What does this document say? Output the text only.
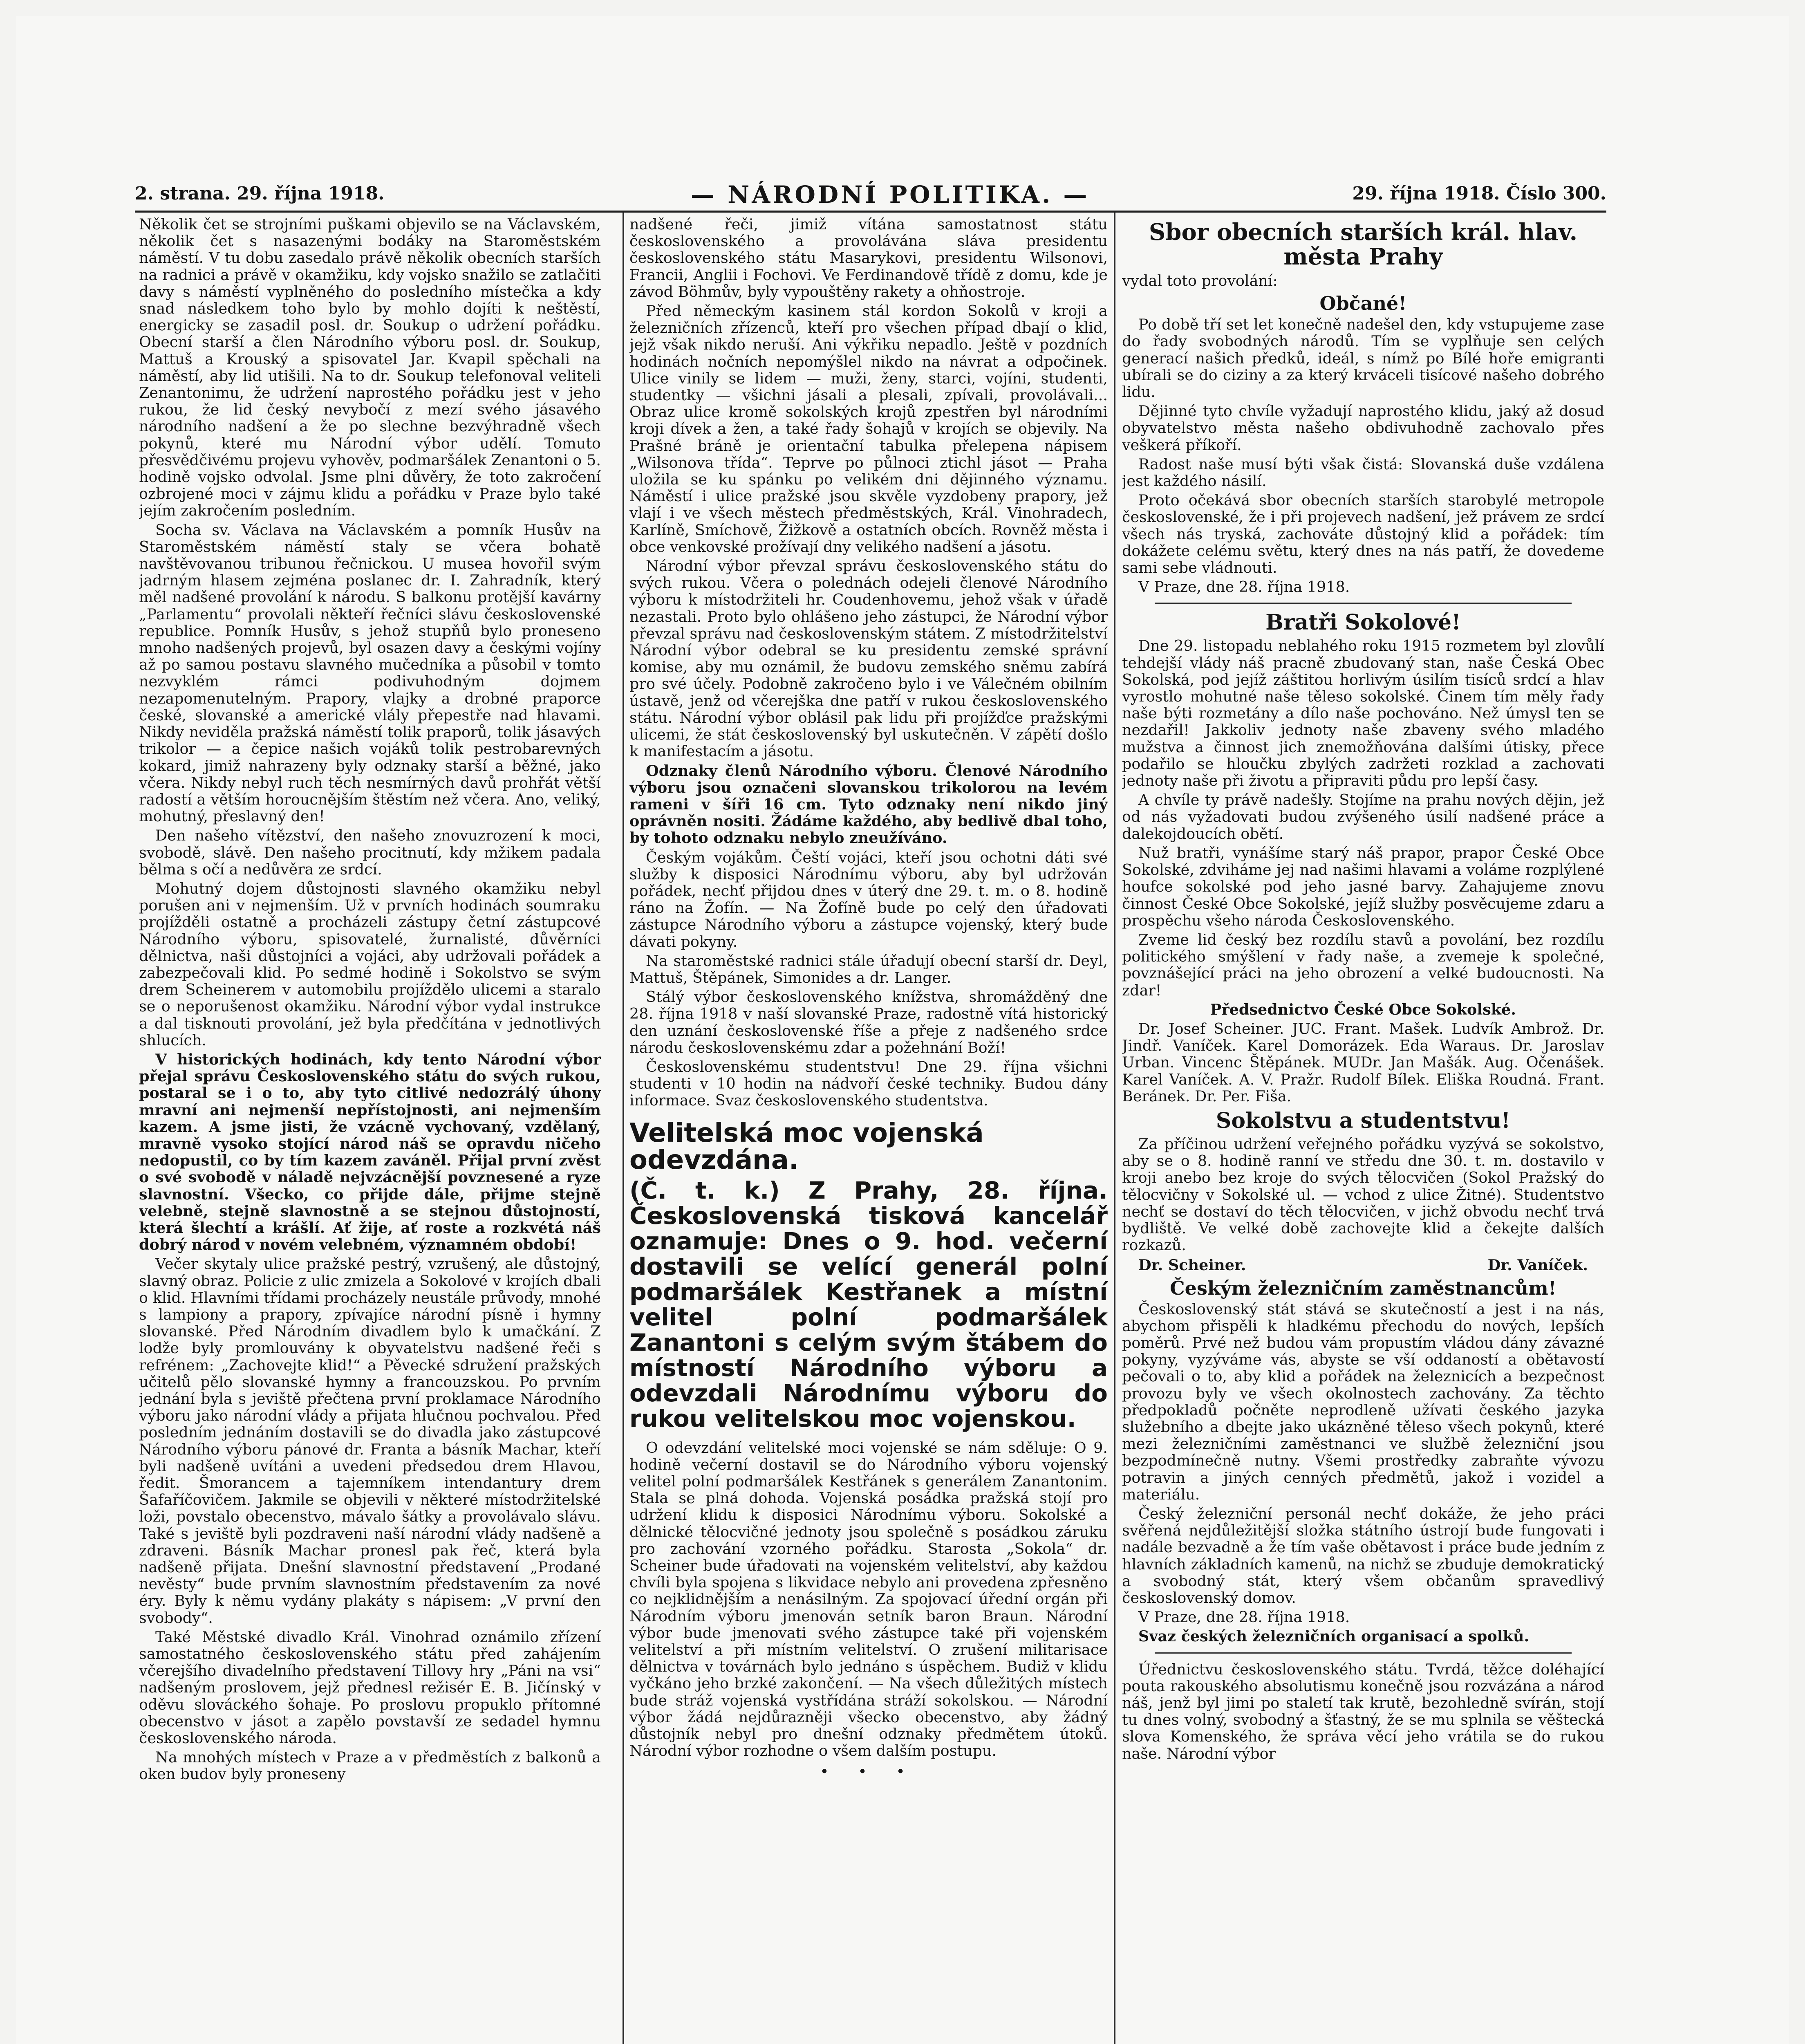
2. strana. 29. října 1918.	— NÁRODNÍ POLITIKA. —	29. října 1918. Číslo 300.

Několik čet se strojními puškami objevilo se na Václavském, několik čet s nasazenými bodáky na Staroměstském náměstí. V tu dobu zasedalo právě několik obecních starších na radnici a právě v okamžiku, kdy vojsko snažilo se zatlačiti davy s náměstí vyplněného do posledního místečka a kdy snad následkem toho bylo by mohlo dojíti k neštěstí, energicky se zasadil posl. dr. Soukup o udržení pořádku. Obecní starší a člen Národního výboru posl. dr. Soukup, Mattuš a Krouský a spisovatel Jar. Kvapil spěchali na náměstí, aby lid utišili. Na to dr. Soukup telefonoval veliteli Zenantonimu, že udržení naprostého pořádku jest v jeho rukou, že lid český nevybočí z mezí svého jásavého národního nadšení a že po slechne bezvýhradně všech pokynů, které mu Národní výbor udělí. Tomuto přesvědčivému projevu vyhověv, podmaršálek Zenantoni o 5. hodině vojsko odvolal. Jsme plni důvěry, že toto zakročení ozbrojené moci v zájmu klidu a pořádku v Praze bylo také jejím zakročením posledním.

Socha sv. Václava na Václavském a pomník Husův na Staroměstském náměstí staly se včera bohatě navštěvovanou tribunou řečnickou. U musea hovořil svým jadrným hlasem zejména poslanec dr. I. Zahradník, který měl nadšené provolání k národu. S balkonu protější kavárny „Parlamentu“ provolali někteří řečníci slávu československé republice. Pomník Husův, s jehož stupňů bylo proneseno mnoho nadšených projevů, byl osazen davy a českými vojíny až po samou postavu slavného mučedníka a působil v tomto nezvyklém rámci podivuhodným dojmem nezapomenutelným. Prapory, vlajky a drobné praporce české, slovanské a americké vlály přepestře nad hlavami. Nikdy neviděla pražská náměstí tolik praporů, tolik jásavých trikolor — a čepice našich vojáků tolik pestrobarevných kokard, jimiž nahrazeny byly odznaky starší a běžné, jako včera. Nikdy nebyl ruch těch nesmírných davů prohřát větší radostí a větším horoucnějším štěstím než včera. Ano, veliký, mohutný, přeslavný den!

Den našeho vítězství, den našeho znovuzrození k moci, svobodě, slávě. Den našeho procitnutí, kdy mžikem padala bělma s očí a nedůvěra ze srdcí.

Mohutný dojem důstojnosti slavného okamžiku nebyl porušen ani v nejmenším. Už v prvních hodinách soumraku projížděli ostatně a procházeli zástupy četní zástupcové Národního výboru, spisovatelé, žurnalisté, důvěrníci dělnictva, naši důstojníci a vojáci, aby udržovali pořádek a zabezpečovali klid. Po sedmé hodině i Sokolstvo se svým drem Scheinerem v automobilu projíždělo ulicemi a staralo se o neporušenost okamžiku. Národní výbor vydal instrukce a dal tisknouti provolání, jež byla předčítána v jednotlivých shlucích.

V historických hodinách, kdy tento Národní výbor přejal správu Československého státu do svých rukou, postaral se i o to, aby tyto citlivé nedozrálý úhony mravní ani nejmenší nepřístojnosti, ani nejmenším kazem. A jsme jisti, že vzácně vychovaný, vzdělaný, mravně vysoko stojící národ náš se opravdu ničeho nedopustil, co by tím kazem zaváněl. Přijal první zvěst o své svobodě v náladě nejvzácnější povznesené a ryze slavnostní. Všecko, co přijde dále, přijme stejně velebně, stejně slavnostně a se stejnou důstojností, která šlechtí a krášlí. Ať žije, ať roste a rozkvétá náš dobrý národ v novém velebném, významném období!

Večer skytaly ulice pražské pestrý, vzrušený, ale důstojný, slavný obraz. Policie z ulic zmizela a Sokolové v krojích dbali o klid. Hlavními třídami procházely neustále průvody, mnohé s lampiony a prapory, zpívajíce národní písně i hymny slovanské. Před Národním divadlem bylo k umačkání. Z lodže byly promlouvány k obyvatelstvu nadšené řeči s refrénem: „Zachovejte klid!“ a Pěvecké sdružení pražských učitelů pělo slovanské hymny a francouzskou. Po prvním jednání byla s jeviště přečtena první proklamace Národního výboru jako národní vlády a přijata hlučnou pochvalou. Před posledním jednáním dostavili se do divadla jako zástupcové Národního výboru pánové dr. Franta a básník Machar, kteří byli nadšeně uvítáni a uvedeni předsedou drem Hlavou, ředit. Šmorancem a tajemníkem intendantury drem Šafaříčovičem. Jakmile se objevili v některé místodržitelské loži, povstalo obecenstvo, mávalo šátky a provolávalo slávu. Také s jeviště byli pozdraveni naší národní vlády nadšeně a zdraveni. Básník Machar pronesl pak řeč, která byla nadšeně přijata. Dnešní slavnostní představení „Prodané nevěsty“ bude prvním slavnostním představením za nové éry. Byly k němu vydány plakáty s nápisem: „V první den svobody“.

Také Městské divadlo Král. Vinohrad oznámilo zřízení samostatného československého státu před zahájením včerejšího divadelního představení Tillovy hry „Páni na vsi“ nadšeným proslovem, jejž přednesl režisér E. B. Jičínský v oděvu slováckého šohaje. Po proslovu propuklo přítomné obecenstvo v jásot a zapělo povstavší ze sedadel hymnu československého národa.

Na mnohých místech v Praze a v předměstích z balkonů a oken budov byly proneseny

nadšené řeči, jimiž vítána samostatnost státu československého a provolávána sláva presidentu československého státu Masarykovi, presidentu Wilsonovi, Francii, Anglii i Fochovi. Ve Ferdinandově třídě z domu, kde je závod Böhmův, byly vypouštěny rakety a ohňostroje.

Před německým kasinem stál kordon Sokolů v kroji a železničních zřízenců, kteří pro všechen případ dbají o klid, jejž však nikdo neruší. Ani výkřiku nepadlo. Ještě v pozdních hodinách nočních nepomýšlel nikdo na návrat a odpočinek. Ulice vinily se lidem — muži, ženy, starci, vojíni, studenti, studentky — všichni jásali a plesali, zpívali, provolávali... Obraz ulice kromě sokolských krojů zpestřen byl národními kroji dívek a žen, a také řady šohajů v krojích se objevily. Na Prašné bráně je orientační tabulka přelepena nápisem „Wilsonova třída“. Teprve po půlnoci ztichl jásot — Praha uložila se ku spánku po velikém dni dějinného významu. Náměstí i ulice pražské jsou skvěle vyzdobeny prapory, jež vlají i ve všech městech předměstských, Král. Vinohradech, Karlíně, Smíchově, Žižkově a ostatních obcích. Rovněž města i obce venkovské prožívají dny velikého nadšení a jásotu.

Národní výbor převzal správu československého státu do svých rukou. Včera o polednách odejeli členové Národního výboru k místodržiteli hr. Coudenhovemu, jehož však v úřadě nezastali. Proto bylo ohlášeno jeho zástupci, že Národní výbor převzal správu nad československým státem. Z místodržitelství Národní výbor odebral se ku presidentu zemské správní komise, aby mu oznámil, že budovu zemského sněmu zabírá pro své účely. Podobně zakročeno bylo i ve Válečném obilním ústavě, jenž od včerejška dne patří v rukou československého státu. Národní výbor oblásil pak lidu při projížďce pražskými ulicemi, že stát československý byl uskutečněn. V zápětí došlo k manifestacím a jásotu.

Odznaky členů Národního výboru. Členové Národního výboru jsou označeni slovanskou trikolorou na levém rameni v šíři 16 cm. Tyto odznaky není nikdo jiný oprávněn nositi. Žádáme každého, aby bedlivě dbal toho, by tohoto odznaku nebylo zneužíváno.

Českým vojákům. Čeští vojáci, kteří jsou ochotni dáti své služby k disposici Národnímu výboru, aby byl udržován pořádek, nechť přijdou dnes v úterý dne 29. t. m. o 8. hodině ráno na Žofín. — Na Žofíně bude po celý den úřadovati zástupce Národního výboru a zástupce vojenský, který bude dávati pokyny.

Na staroměstské radnici stále úřadují obecní starší dr. Deyl, Mattuš, Štěpánek, Simonides a dr. Langer.

Stálý výbor československého knížstva, shromážděný dne 28. října 1918 v naší slovanské Praze, radostně vítá historický den uznání československé říše a přeje z nadšeného srdce národu československému zdar a požehnání Boží!

Československému studentstvu! Dne 29. října všichni studenti v 10 hodin na nádvoří české techniky. Budou dány informace. Svaz československého studentstva.

Velitelská moc vojenská odevzdána.
(Č. t. k.) Z Prahy, 28. října. Československá tisková kancelář oznamuje: Dnes o 9. hod. večerní dostavili se velící generál polní podmaršálek Kestřanek a místní velitel polní podmaršálek Zanantoni s celým svým štábem do místností Národního výboru a odevzdali Národnímu výboru do rukou velitelskou moc vojenskou.

O odevzdání velitelské moci vojenské se nám sděluje: O 9. hodině večerní dostavil se do Národního výboru vojenský velitel polní podmaršálek Kestřánek s generálem Zanantonim. Stala se plná dohoda. Vojenská posádka pražská stojí pro udržení klidu k disposici Národnímu výboru. Sokolské a dělnické tělocvičné jednoty jsou společně s posádkou záruku pro zachování vzorného pořádku. Starosta „Sokola“ dr. Scheiner bude úřadovati na vojenském velitelství, aby každou chvíli byla spojena s likvidace nebylo ani provedena zpřesněno co nejklidnějším a nenásilným. Za spojovací úřední orgán při Národním výboru jmenován setník baron Braun. Národní výbor bude jmenovati svého zástupce také při vojenském velitelství a při místním velitelství. O zrušení militarisace dělnictva v továrnách bylo jednáno s úspěchem. Budiž v klidu vyčkáno jeho brzké zakončení. — Na všech důležitých místech bude stráž vojenská vystřídána stráží sokolskou. — Národní výbor žádá nejdůrazněji všecko obecenstvo, aby žádný důstojník nebyl pro dnešní odznaky předmětem útoků. Národní výbor rozhodne o všem dalším postupu.

• • •
Sbor obecních starších král. hlav. města Prahy

vydal toto provolání:

Občané!

Po době tří set let konečně nadešel den, kdy vstupujeme zase do řady svobodných národů. Tím se vyplňuje sen celých generací našich předků, ideál, s nímž po Bílé hoře emigranti ubírali se do ciziny a za který krváceli tisícové našeho dobrého lidu.

Dějinné tyto chvíle vyžadují naprostého klidu, jaký až dosud obyvatelstvo města našeho obdivuhodně zachovalo přes veškerá příkoří.

Radost naše musí býti však čistá: Slovanská duše vzdálena jest každého násilí.

Proto očekává sbor obecních starších starobylé metropole československé, že i při projevech nadšení, jež právem ze srdcí všech nás tryská, zachováte důstojný klid a pořádek: tím dokážete celému světu, který dnes na nás patří, že dovedeme sami sebe vládnouti.

V Praze, dne 28. října 1918.

Bratři Sokolové!

Dne 29. listopadu neblahého roku 1915 rozmetem byl zlovůlí tehdejší vlády náš pracně zbudovaný stan, naše Česká Obec Sokolská, pod jejíž záštitou horlivým úsilím tisíců srdcí a hlav vyrostlo mohutné naše těleso sokolské. Činem tím měly řady naše býti rozmetány a dílo naše pochováno. Než úmysl ten se nezdařil! Jakkoliv jednoty naše zbaveny svého mladého mužstva a činnost jich znemožňována dalšími útisky, přece podařilo se hloučku zbylých zadržeti rozklad a zachovati jednoty naše při životu a připraviti půdu pro lepší časy.

A chvíle ty právě nadešly. Stojíme na prahu nových dějin, jež od nás vyžadovati budou zvýšeného úsilí nadšené práce a dalekojdoucích obětí.

Nuž bratři, vynášíme starý náš prapor, prapor České Obce Sokolské, zdviháme jej nad našimi hlavami a voláme rozplýlené houfce sokolské pod jeho jasné barvy. Zahajujeme znovu činnost České Obce Sokolské, jejíž služby posvěcujeme zdaru a prospěchu všeho národa Československého.

Zveme lid český bez rozdílu stavů a povolání, bez rozdílu politického smýšlení v řady naše, a zvemeje k společné, povznášející práci na jeho obrození a velké budoucnosti. Na zdar!

Předsednictvo České Obce Sokolské.

Dr. Josef Scheiner. JUC. Frant. Mašek. Ludvík Ambrož. Dr. Jindř. Vaníček. Karel Domorázek. Eda Waraus. Dr. Jaroslav Urban. Vincenc Štěpánek. MUDr. Jan Mašák. Aug. Očenášek. Karel Vaníček. A. V. Pražr. Rudolf Bílek. Eliška Roudná. Frant. Beránek. Dr. Per. Fiša.

Sokolstvu a studentstvu!

Za příčinou udržení veřejného pořádku vyzývá se sokolstvo, aby se o 8. hodině ranní ve středu dne 30. t. m. dostavilo v kroji anebo bez kroje do svých tělocvičen (Sokol Pražský do tělocvičny v Sokolské ul. — vchod z ulice Žitné). Studentstvo nechť se dostaví do těch tělocvičen, v jichž obvodu nechť trvá bydliště. Ve velké době zachovejte klid a čekejte dalších rozkazů.

Dr. Scheiner.	Dr. Vaníček.
Českým železničním zaměstnancům!

Československý stát stává se skutečností a jest i na nás, abychom přispěli k hladkému přechodu do nových, lepších poměrů. Prvé než budou vám propustím vládou dány závazné pokyny, vyzýváme vás, abyste se vší oddaností a obětavostí pečovali o to, aby klid a pořádek na železnicích a bezpečnost provozu byly ve všech okolnostech zachovány. Za těchto předpokladů počněte neprodleně užívati českého jazyka služebního a dbejte jako ukázněné těleso všech pokynů, které mezi železničními zaměstnanci ve službě železniční jsou bezpodmínečně nutny. Všemi prostředky zabraňte vývozu potravin a jiných cenných předmětů, jakož i vozidel a materiálu.

Český železniční personál nechť dokáže, že jeho práci svěřená nejdůležitější složka státního ústrojí bude fungovati i nadále bezvadně a že tím vaše obětavost i práce bude jedním z hlavních základních kamenů, na nichž se zbuduje demokratický a svobodný stát, který všem občanům spravedlivý československý domov.

V Praze, dne 28. října 1918.

Svaz českých železničních organisací a spolků.

Úřednictvu československého státu. Tvrdá, těžce doléhající pouta rakouského absolutismu konečně jsou rozvázána a národ náš, jenž byl jimi po staletí tak krutě, bezohledně svírán, stojí tu dnes volný, svobodný a šťastný, že se mu splnila se věštecká slova Komenského, že správa věcí jeho vrátila se do rukou naše. Národní výbor
